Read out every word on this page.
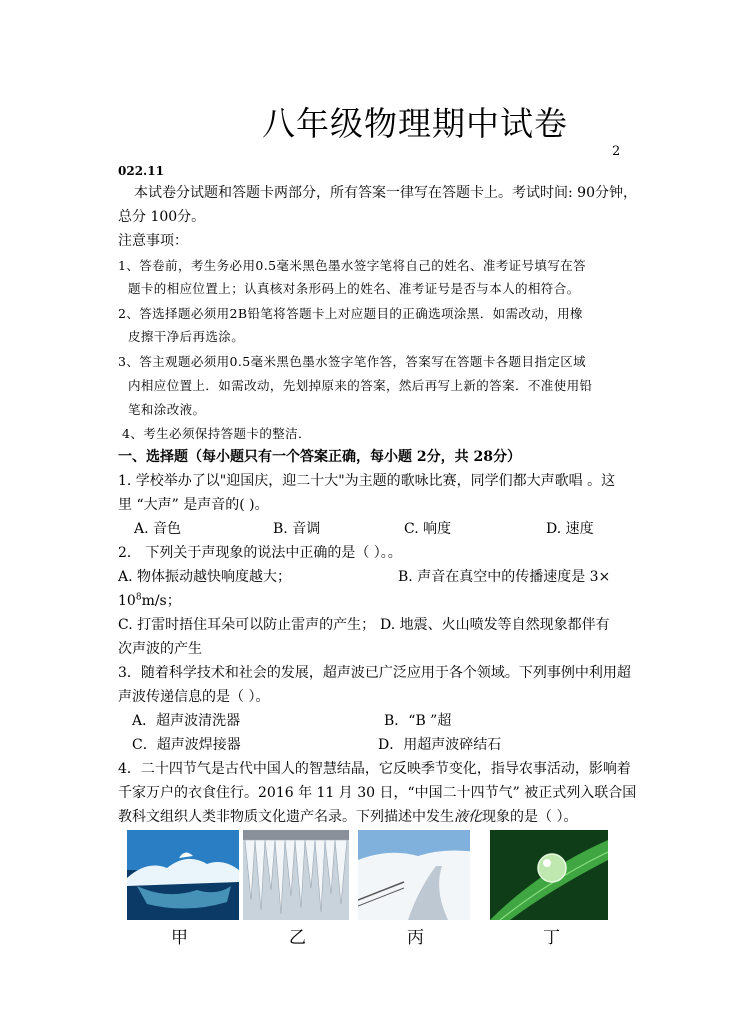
八年级物理期中试卷
2
022.11
本试卷分试题和答题卡两部分，所有答案一律写在答题卡上。考试时间: 90分钟，
总分 100分。
注意事项：
1、答卷前，考生务必用0.5毫米黑色墨水签字笔将自己的姓名、准考证号填写在答
题卡的相应位置上；认真核对条形码上的姓名、准考证号是否与本人的相符合。
2、答选择题必须用2B铅笔将答题卡上对应题目的正确选项涂黑．如需改动，用橡
皮擦干净后再选涂。
3、答主观题必须用0.5毫米黑色墨水签字笔作答，答案写在答题卡各题目指定区域
内相应位置上．如需改动，先划掉原来的答案，然后再写上新的答案．不准使用铅
笔和涂改液。
4、考生必须保持答题卡的整洁．
一、选择题（每小题只有一个答案正确，每小题 2分，共 28分）
1. 学校举办了以"迎国庆，迎二十大"为主题的歌咏比赛，同学们都大声歌唱 。这
里 “大声” 是声音的( )。
A. 音色	B. 音调	C. 响度	D. 速度
2． 下列关于声现象的说法中正确的是（ ）。。
A. 物体振动越快响度越大；	B. 声音在真空中的传播速度是 3×
$10^8m/s$；
C. 打雷时捂住耳朵可以防止雷声的产生； D. 地震、火山喷发等自然现象都伴有
次声波的产生
3．随着科学技术和社会的发展，超声波已广泛应用于各个领域。下列事例中利用超
声波传递信息的是（ ）。
A．超声波清洗器	B．“B ”超
C．超声波焊接器	D．用超声波碎结石
4．二十四节气是古代中国人的智慧结晶，它反映季节变化，指导农事活动，影响着
千家万户的衣食住行。2016 年 11 月 30 日，“中国二十四节气” 被正式列入联合国
教科文组织人类非物质文化遗产名录。下列描述中发生液化现象的是（ ）。
甲	乙	丙	丁
